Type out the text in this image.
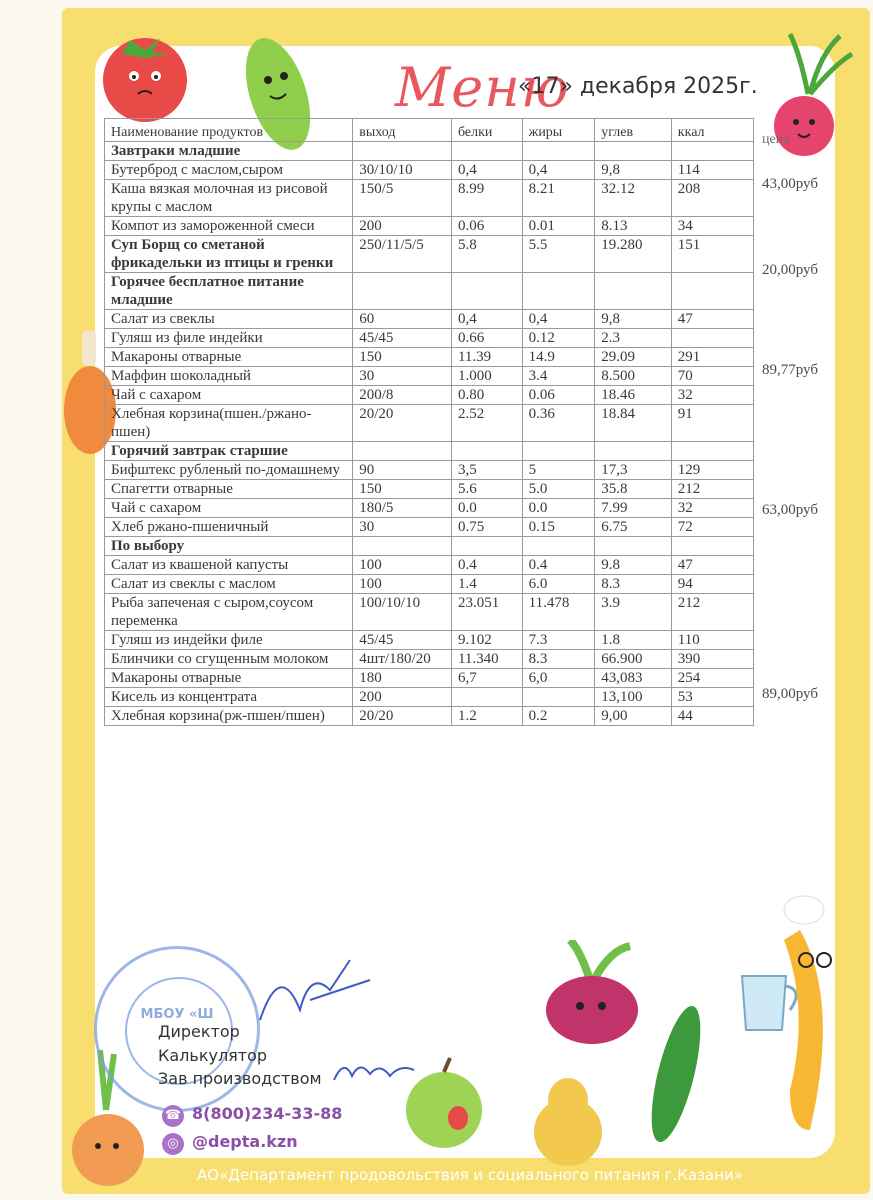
Меню
«17» декабря 2025г.
Наименование продуктов	выход	белки	жиры	углев	ккал
Завтраки младшие					
Бутерброд с маслом,сыром	30/10/10	0,4	0,4	9,8	114
Каша вязкая молочная из рисовой крупы с маслом	150/5	8.99	8.21	32.12	208
Компот из замороженной смеси	200	0.06	0.01	8.13	34
Суп Борщ со сметаной фрикадельки из птицы и гренки	250/11/5/5	5.8	5.5	19.280	151
Горячее бесплатное питание младшие					
Салат из свеклы	60	0,4	0,4	9,8	47
Гуляш из филе индейки	45/45	0.66	0.12	2.3	
Макароны отварные	150	11.39	14.9	29.09	291
Маффин шоколадный	30	1.000	3.4	8.500	70
Чай с сахаром	200/8	0.80	0.06	18.46	32
Хлебная корзина(пшен./ржано-пшен)	20/20	2.52	0.36	18.84	91
Горячий завтрак старшие					
Бифштекс рубленый по-домашнему	90	3,5	5	17,3	129
Спагетти отварные	150	5.6	5.0	35.8	212
Чай с сахаром	180/5	0.0	0.0	7.99	32
Хлеб ржано-пшеничный	30	0.75	0.15	6.75	72
По выбору					
Салат из квашеной капусты	100	0.4	0.4	9.8	47
Салат из свеклы с маслом	100	1.4	6.0	8.3	94
Рыба запеченая с сыром,соусом переменка	100/10/10	23.051	11.478	3.9	212
Гуляш из индейки филе	45/45	9.102	7.3	1.8	110
Блинчики со сгущенным молоком	4шт/180/20	11.340	8.3	66.900	390
Макароны отварные	180	6,7	6,0	43,083	254
Кисель из концентрата	200			13,100	53
Хлебная корзина(рж-пшен/пшен)	20/20	1.2	0.2	9,00	44
цена
43,00руб
20,00руб
89,77руб
63,00руб
89,00руб
МБОУ «Ш
Директор
Калькулятор
Зав производством
☎ 8(800)234-33-88
◎ @depta.kzn
АО«Департамент продовольствия и социального питания г.Казани»
